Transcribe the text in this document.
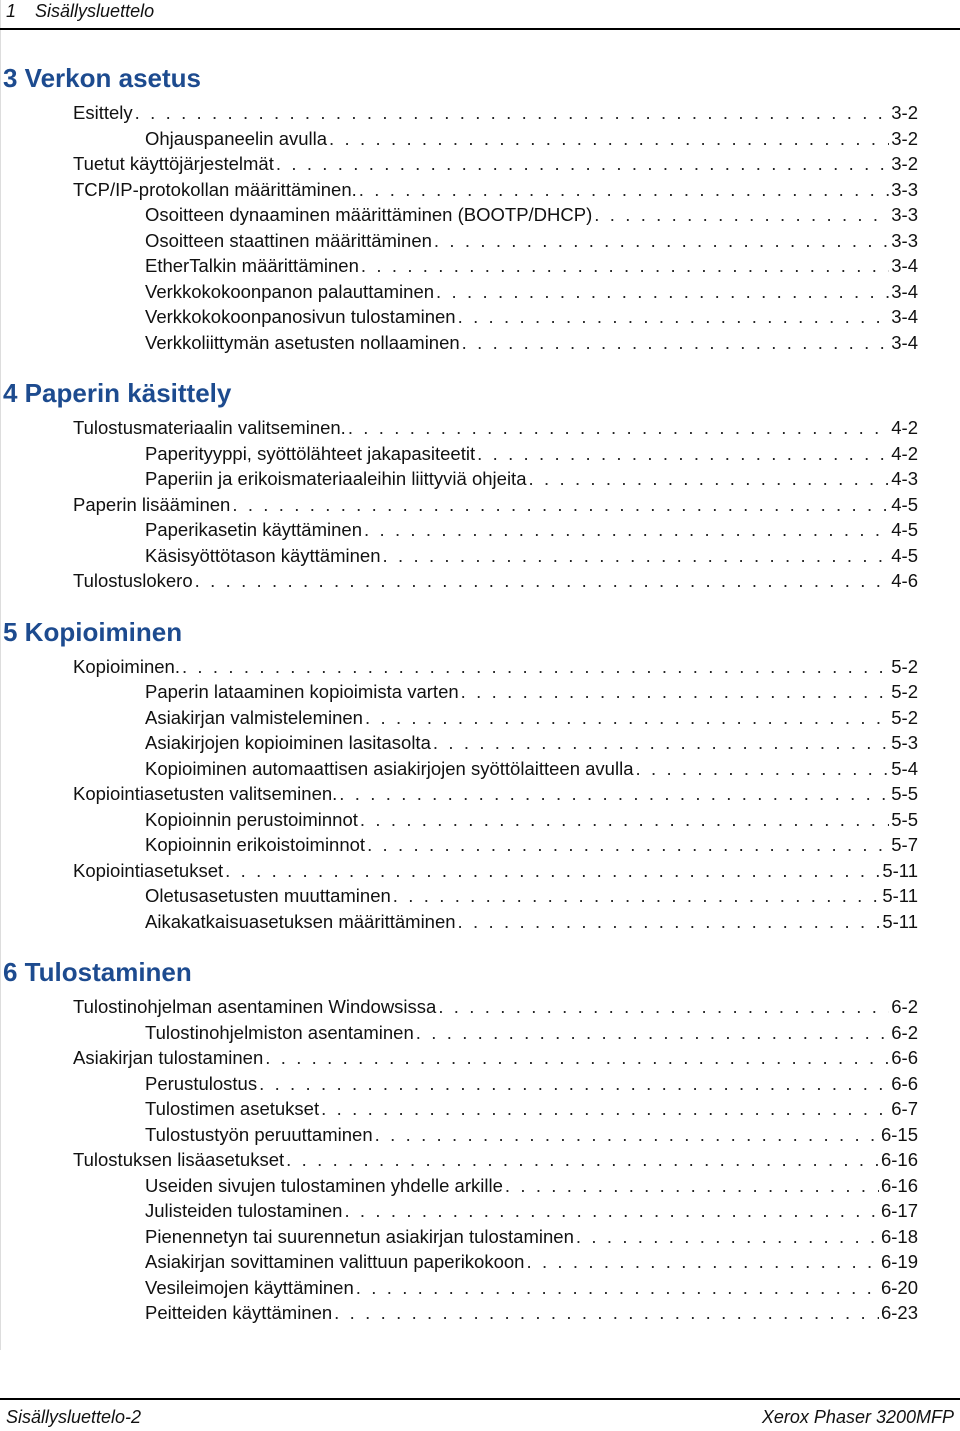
1 Sisällysluettelo
3 Verkon asetus
Esittely . . .	3-2
Ohjauspaneelin avulla . . .	3-2
Tuetut käyttöjärjestelmät . . .	3-2
TCP/IP-protokollan määrittäminen. . . .	3-3
Osoitteen dynaaminen määrittäminen (BOOTP/DHCP) . . .	3-3
Osoitteen staattinen määrittäminen . . .	3-3
EtherTalkin määrittäminen . . .	3-4
Verkkokokoonpanon palauttaminen . . .	3-4
Verkkokokoonpanosivun tulostaminen . . .	3-4
Verkkoliittymän asetusten nollaaminen . . .	3-4
4 Paperin käsittely
Tulostusmateriaalin valitseminen. . . .	4-2
Paperityyppi, syöttölähteet jakapasiteetit . . .	4-2
Paperiin ja erikoismateriaaleihin liittyviä ohjeita . . .	4-3
Paperin lisääminen . . .	4-5
Paperikasetin käyttäminen . . .	4-5
Käsisyöttötason käyttäminen . . .	4-5
Tulostuslokero . . .	4-6
5 Kopioiminen
Kopioiminen. . . .	5-2
Paperin lataaminen kopioimista varten . . .	5-2
Asiakirjan valmisteleminen . . .	5-2
Asiakirjojen kopioiminen lasitasolta . . .	5-3
Kopioiminen automaattisen asiakirjojen syöttölaitteen avulla . . .	5-4
Kopiointiasetusten valitseminen. . . .	5-5
Kopioinnin perustoiminnot . . .	5-5
Kopioinnin erikoistoiminnot . . .	5-7
Kopiointiasetukset . . .	5-11
Oletusasetusten muuttaminen . . .	5-11
Aikakatkaisuasetuksen määrittäminen . . .	5-11
6 Tulostaminen
Tulostinohjelman asentaminen Windowsissa . . .	6-2
Tulostinohjelmiston asentaminen . . .	6-2
Asiakirjan tulostaminen . . .	6-6
Perustulostus . . .	6-6
Tulostimen asetukset . . .	6-7
Tulostustyön peruuttaminen . . .	6-15
Tulostuksen lisäasetukset . . .	6-16
Useiden sivujen tulostaminen yhdelle arkille . . .	6-16
Julisteiden tulostaminen . . .	6-17
Pienennetyn tai suurennetun asiakirjan tulostaminen . . .	6-18
Asiakirjan sovittaminen valittuun paperikokoon . . .	6-19
Vesileimojen käyttäminen . . .	6-20
Peitteiden käyttäminen . . .	6-23
Sisällysluettelo-2	Xerox Phaser 3200MFP
